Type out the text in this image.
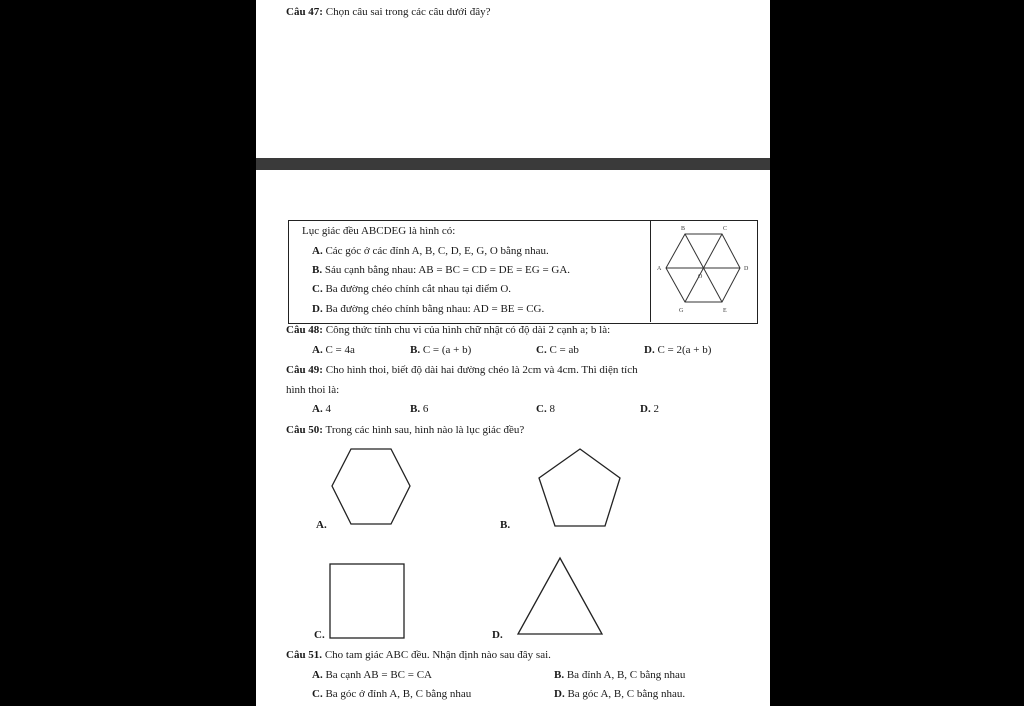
Câu 47: Chọn câu sai trong các câu dưới đây?
Lục giác đều ABCDEG là hình có:
A. Các góc ở các đỉnh A, B, C, D, E, G, O bằng nhau.
B. Sáu cạnh bằng nhau: AB = BC = CD = DE = EG = GA.
C. Ba đường chéo chính cắt nhau tại điểm O.
D. Ba đường chéo chính bằng nhau: AD = BE = CG.
B	C
A	D
G	E
O
Câu 48: Công thức tính chu vi của hình chữ nhật có độ dài 2 cạnh a; b là:
A. C = 4a	B. C = (a + b)	C. C = ab	D. C = 2(a + b)
Câu 49: Cho hình thoi, biết độ dài hai đường chéo là 2cm và 4cm. Thì diện tích
hình thoi là:
A. 4	B. 6	C. 8	D. 2
Câu 50: Trong các hình sau, hình nào là lục giác đều?
A.	B.
C.	D.
Câu 51. Cho tam giác ABC đều. Nhận định nào sau đây sai.
A. Ba cạnh AB = BC = CA	B. Ba đỉnh A, B, C bằng nhau
C. Ba góc ở đỉnh A, B, C bằng nhau	D. Ba góc A, B, C bằng nhau.
